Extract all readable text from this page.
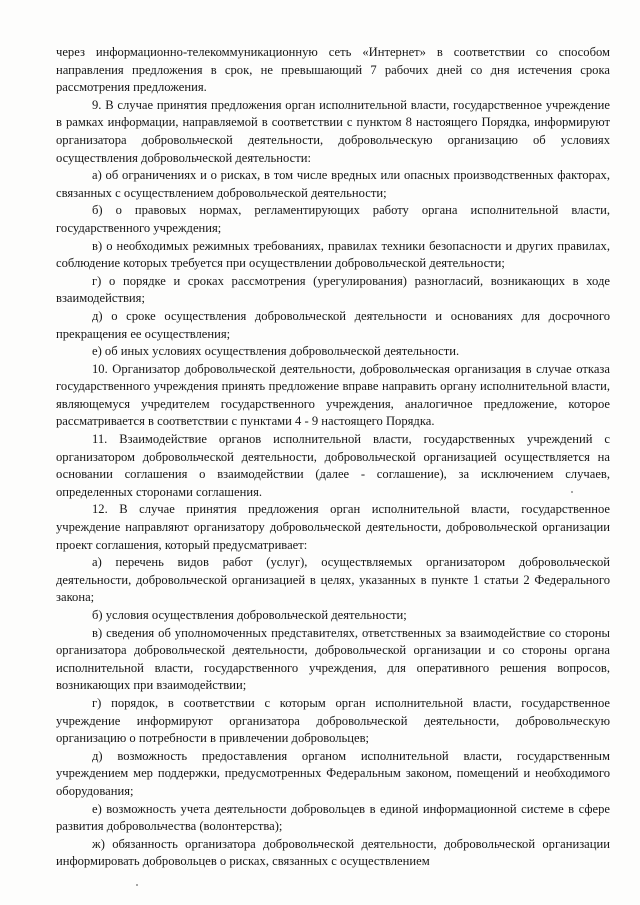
через информационно-телекоммуникационную сеть «Интернет» в соответствии со способом направления предложения в срок, не превышающий 7 рабочих дней со дня истечения срока рассмотрения предложения.

9. В случае принятия предложения орган исполнительной власти, государственное учреждение в рамках информации, направляемой в соответствии с пунктом 8 настоящего Порядка, информируют организатора добровольческой деятельности, добровольческую организацию об условиях осуществления добровольческой деятельности:

а) об ограничениях и о рисках, в том числе вредных или опасных производственных факторах, связанных с осуществлением добровольческой деятельности;

б) о правовых нормах, регламентирующих работу органа исполнительной власти, государственного учреждения;

в) о необходимых режимных требованиях, правилах техники безопасности и других правилах, соблюдение которых требуется при осуществлении добровольческой деятельности;

г) о порядке и сроках рассмотрения (урегулирования) разногласий, возникающих в ходе взаимодействия;

д) о сроке осуществления добровольческой деятельности и основаниях для досрочного прекращения ее осуществления;

е) об иных условиях осуществления добровольческой деятельности.

10. Организатор добровольческой деятельности, добровольческая организация в случае отказа государственного учреждения принять предложение вправе направить органу исполнительной власти, являющемуся учредителем государственного учреждения, аналогичное предложение, которое рассматривается в соответствии с пунктами 4 - 9 настоящего Порядка.

11. Взаимодействие органов исполнительной власти, государственных учреждений с организатором добровольческой деятельности, добровольческой организацией осуществляется на основании соглашения о взаимодействии (далее - соглашение), за исключением случаев, определенных сторонами соглашения.

12. В случае принятия предложения орган исполнительной власти, государственное учреждение направляют организатору добровольческой деятельности, добровольческой организации проект соглашения, который предусматривает:

а) перечень видов работ (услуг), осуществляемых организатором добровольческой деятельности, добровольческой организацией в целях, указанных в пункте 1 статьи 2 Федерального закона;

б) условия осуществления добровольческой деятельности;

в) сведения об уполномоченных представителях, ответственных за взаимодействие со стороны организатора добровольческой деятельности, добровольческой организации и со стороны органа исполнительной власти, государственного учреждения, для оперативного решения вопросов, возникающих при взаимодействии;

г) порядок, в соответствии с которым орган исполнительной власти, государственное учреждение информируют организатора добровольческой деятельности, добровольческую организацию о потребности в привлечении добровольцев;

д) возможность предоставления органом исполнительной власти, государственным учреждением мер поддержки, предусмотренных Федеральным законом, помещений и необходимого оборудования;

е) возможность учета деятельности добровольцев в единой информационной системе в сфере развития добровольчества (волонтерства);

ж) обязанность организатора добровольческой деятельности, добровольческой организации информировать добровольцев о рисках, связанных с осуществлением
